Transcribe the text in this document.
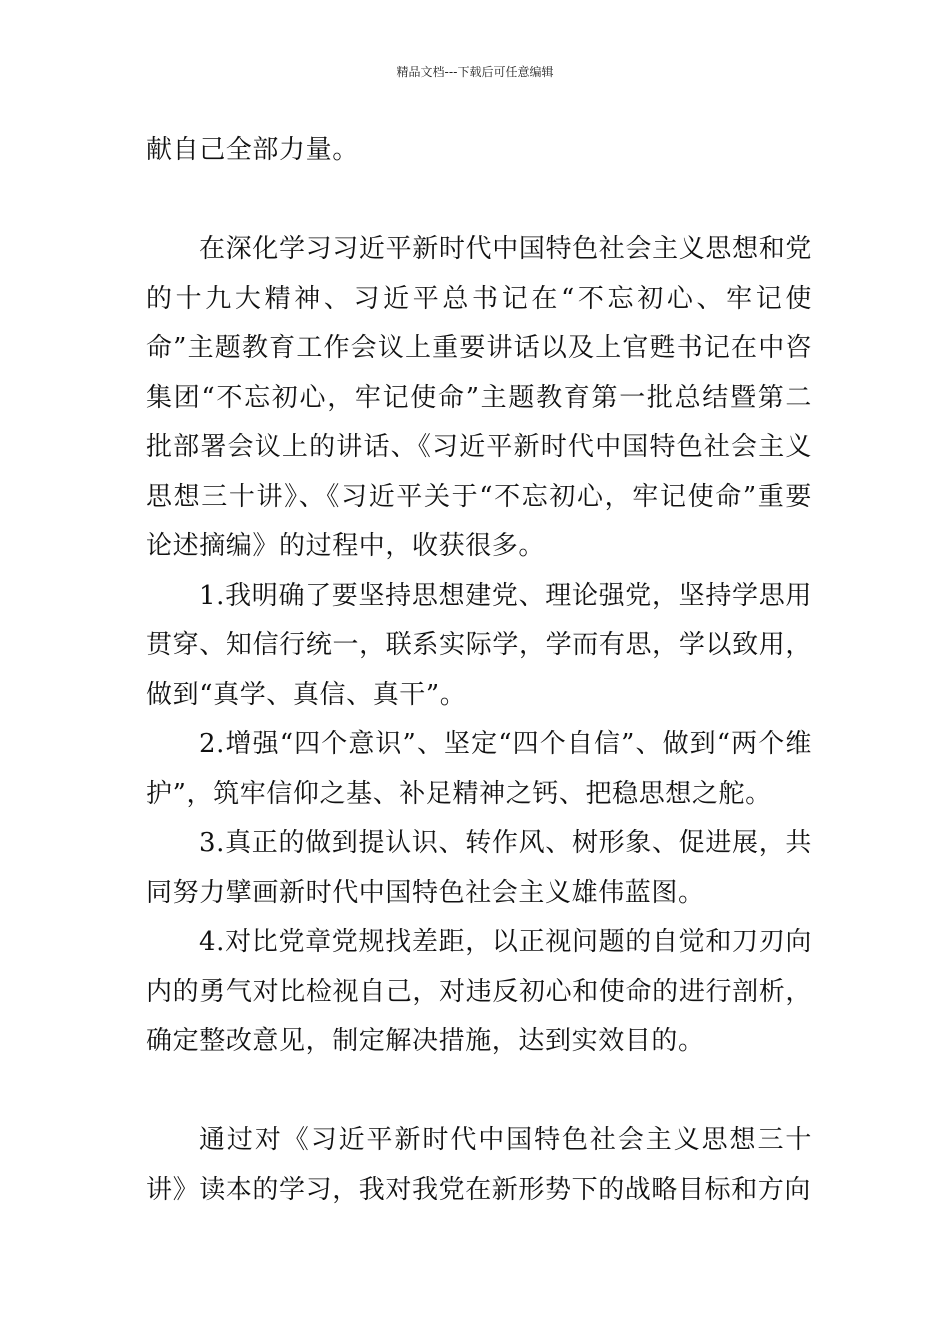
精品文档---下载后可任意编辑

献自己全部力量。

在深化学习习近平新时代中国特色社会主义思想和党的十九大精神、习近平总书记在“不忘初心、牢记使命”主题教育工作会议上重要讲话以及上官甦书记在中咨集团“不忘初心，牢记使命”主题教育第一批总结暨第二批部署会议上的讲话、《习近平新时代中国特色社会主义思想三十讲》、《习近平关于“不忘初心，牢记使命”重要论述摘编》的过程中，收获很多。

1.我明确了要坚持思想建党、理论强党，坚持学思用贯穿、知信行统一，联系实际学，学而有思，学以致用，做到“真学、真信、真干”。

2.增强“四个意识”、坚定“四个自信”、做到“两个维护”，筑牢信仰之基、补足精神之钙、把稳思想之舵。

3.真正的做到提认识、转作风、树形象、促进展，共同努力擘画新时代中国特色社会主义雄伟蓝图。

4.对比党章党规找差距，以正视问题的自觉和刀刃向内的勇气对比检视自己，对违反初心和使命的进行剖析，确定整改意见，制定解决措施，达到实效目的。

通过对《习近平新时代中国特色社会主义思想三十讲》读本的学习，我对我党在新形势下的战略目标和方向
